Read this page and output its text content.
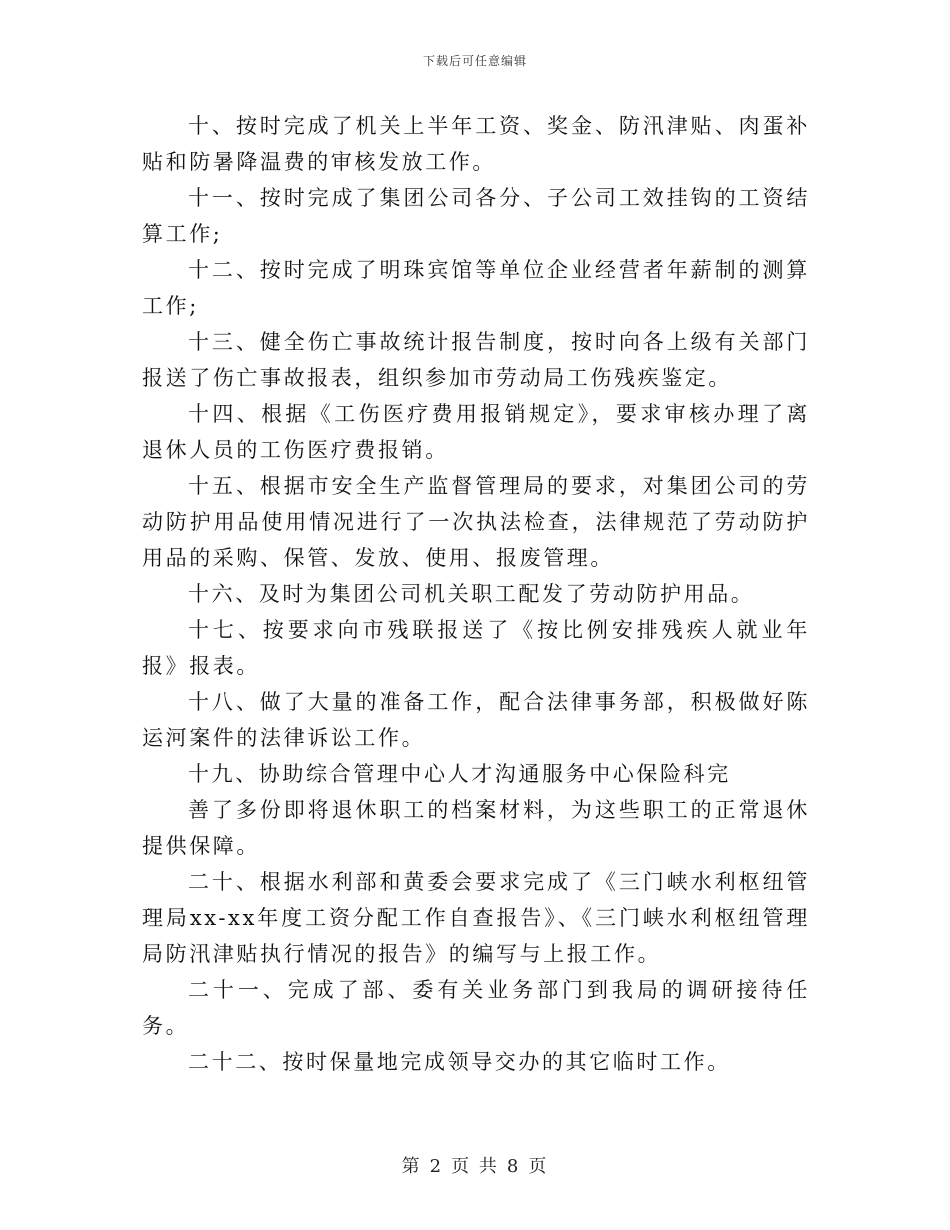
下载后可任意编辑

十、按时完成了机关上半年工资、奖金、防汛津贴、肉蛋补贴和防暑降温费的审核发放工作。

十一、按时完成了集团公司各分、子公司工效挂钩的工资结算工作;

十二、按时完成了明珠宾馆等单位企业经营者年薪制的测算工作;

十三、健全伤亡事故统计报告制度，按时向各上级有关部门报送了伤亡事故报表，组织参加市劳动局工伤残疾鉴定。

十四、根据《工伤医疗费用报销规定》，要求审核办理了离退休人员的工伤医疗费报销。

十五、根据市安全生产监督管理局的要求，对集团公司的劳动防护用品使用情况进行了一次执法检查，法律规范了劳动防护用品的采购、保管、发放、使用、报废管理。

十六、及时为集团公司机关职工配发了劳动防护用品。

十七、按要求向市残联报送了《按比例安排残疾人就业年报》报表。

十八、做了大量的准备工作，配合法律事务部，积极做好陈运河案件的法律诉讼工作。

十九、协助综合管理中心人才沟通服务中心保险科完

善了多份即将退休职工的档案材料，为这些职工的正常退休提供保障。

二十、根据水利部和黄委会要求完成了《三门峡水利枢纽管理局xx-xx年度工资分配工作自查报告》、《三门峡水利枢纽管理局防汛津贴执行情况的报告》的编写与上报工作。

二十一、完成了部、委有关业务部门到我局的调研接待任务。

二十二、按时保量地完成领导交办的其它临时工作。

第 2 页 共 8 页
